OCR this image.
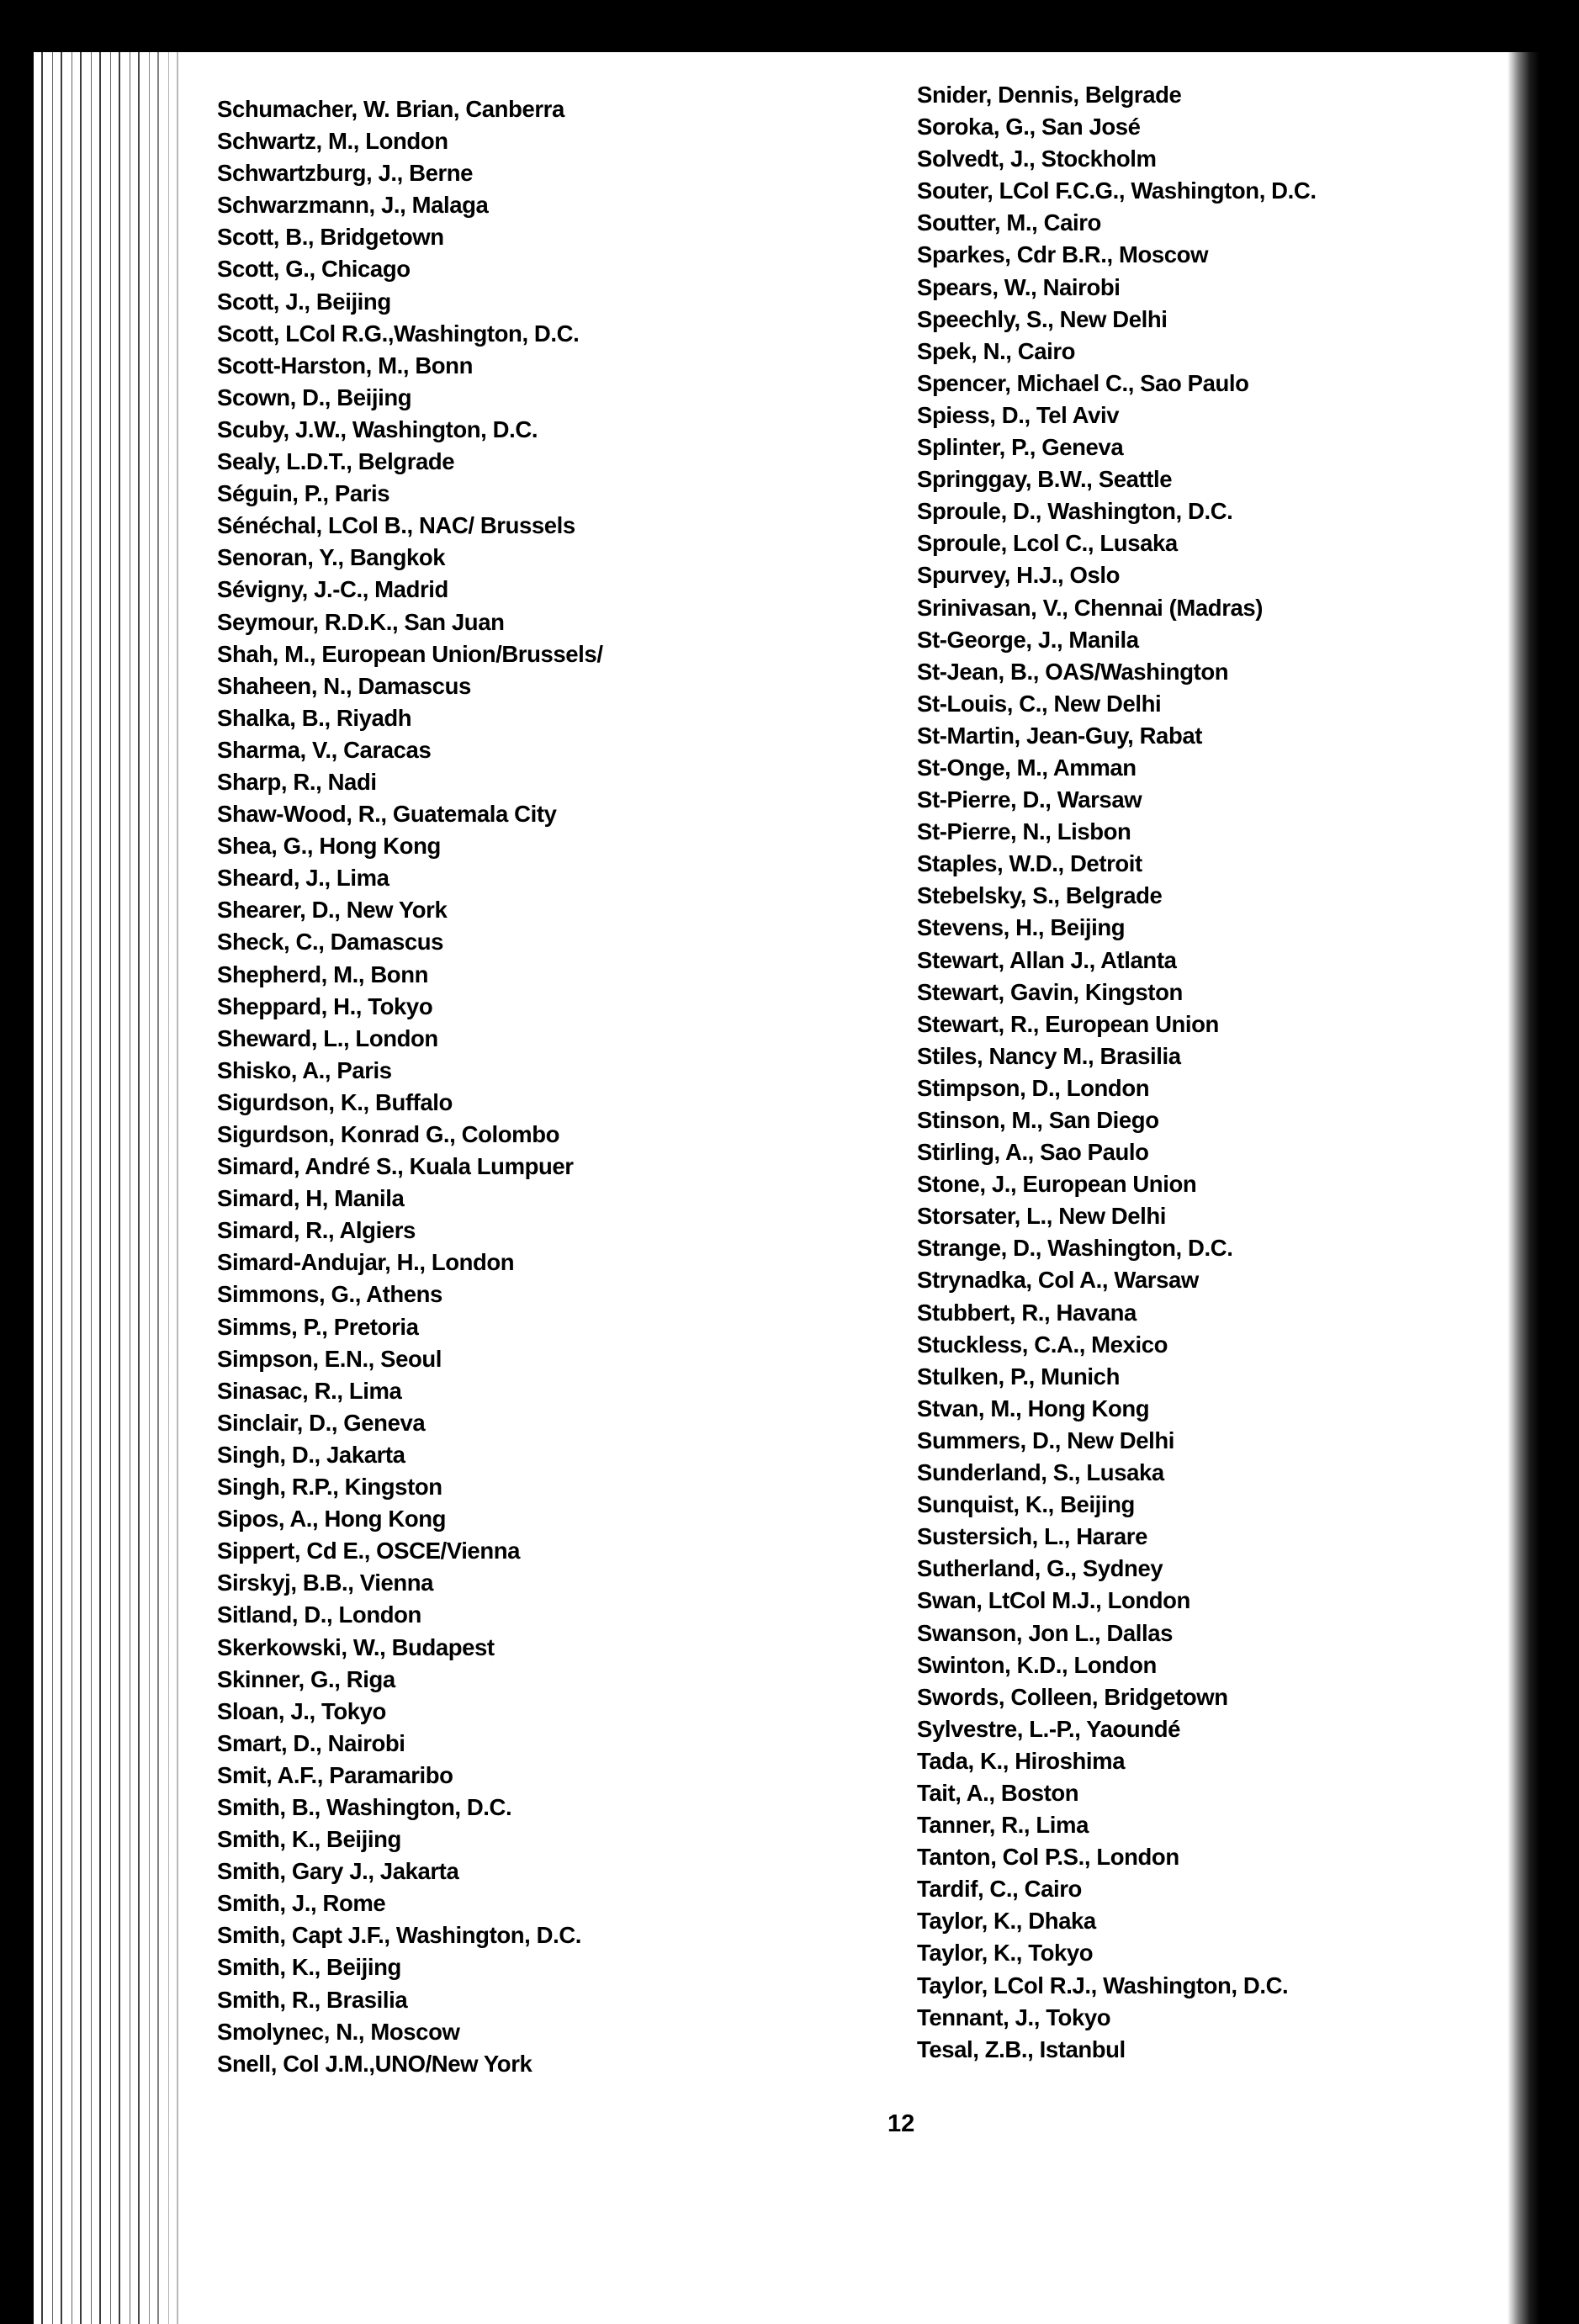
Schumacher, W. Brian, Canberra
Schwartz, M., London
Schwartzburg, J., Berne
Schwarzmann, J., Malaga
Scott, B., Bridgetown
Scott, G., Chicago
Scott, J., Beijing
Scott, LCol R.G.,Washington, D.C.
Scott-Harston, M., Bonn
Scown, D., Beijing
Scuby, J.W., Washington, D.C.
Sealy, L.D.T., Belgrade
Séguin, P., Paris
Sénéchal, LCol B., NAC/ Brussels
Senoran, Y., Bangkok
Sévigny, J.-C., Madrid
Seymour, R.D.K., San Juan
Shah, M., European Union/Brussels/
Shaheen, N., Damascus
Shalka, B., Riyadh
Sharma, V., Caracas
Sharp, R., Nadi
Shaw-Wood, R., Guatemala City
Shea, G., Hong Kong
Sheard, J., Lima
Shearer, D., New York
Sheck, C., Damascus
Shepherd, M., Bonn
Sheppard, H., Tokyo
Sheward, L., London
Shisko, A., Paris
Sigurdson, K., Buffalo
Sigurdson, Konrad G., Colombo
Simard, André S., Kuala Lumpuer
Simard, H, Manila
Simard, R., Algiers
Simard-Andujar, H., London
Simmons, G., Athens
Simms, P., Pretoria
Simpson, E.N., Seoul
Sinasac, R., Lima
Sinclair, D., Geneva
Singh, D., Jakarta
Singh, R.P., Kingston
Sipos, A., Hong Kong
Sippert, Cd E., OSCE/Vienna
Sirskyj, B.B., Vienna
Sitland, D., London
Skerkowski, W., Budapest
Skinner, G., Riga
Sloan, J., Tokyo
Smart, D., Nairobi
Smit, A.F., Paramaribo
Smith, B., Washington, D.C.
Smith, K., Beijing
Smith, Gary J., Jakarta
Smith, J., Rome
Smith, Capt J.F., Washington, D.C.
Smith, K., Beijing
Smith, R., Brasilia
Smolynec, N., Moscow
Snell, Col J.M.,UNO/New York
Snider, Dennis, Belgrade
Soroka, G., San José
Solvedt, J., Stockholm
Souter, LCol F.C.G., Washington, D.C.
Soutter, M., Cairo
Sparkes, Cdr B.R., Moscow
Spears, W., Nairobi
Speechly, S., New Delhi
Spek, N., Cairo
Spencer, Michael C., Sao Paulo
Spiess, D., Tel Aviv
Splinter, P., Geneva
Springgay, B.W., Seattle
Sproule, D., Washington, D.C.
Sproule, Lcol C., Lusaka
Spurvey, H.J., Oslo
Srinivasan, V., Chennai (Madras)
St-George, J., Manila
St-Jean, B., OAS/Washington
St-Louis, C., New Delhi
St-Martin, Jean-Guy, Rabat
St-Onge, M., Amman
St-Pierre, D., Warsaw
St-Pierre, N., Lisbon
Staples, W.D., Detroit
Stebelsky, S., Belgrade
Stevens, H., Beijing
Stewart, Allan J., Atlanta
Stewart, Gavin, Kingston
Stewart, R., European Union
Stiles, Nancy M., Brasilia
Stimpson, D., London
Stinson, M., San Diego
Stirling, A., Sao Paulo
Stone, J., European Union
Storsater, L., New Delhi
Strange, D., Washington, D.C.
Strynadka, Col A., Warsaw
Stubbert, R., Havana
Stuckless, C.A., Mexico
Stulken, P., Munich
Stvan, M., Hong Kong
Summers, D., New Delhi
Sunderland, S., Lusaka
Sunquist, K., Beijing
Sustersich, L., Harare
Sutherland, G., Sydney
Swan, LtCol M.J., London
Swanson, Jon L., Dallas
Swinton, K.D., London
Swords, Colleen, Bridgetown
Sylvestre, L.-P., Yaoundé
Tada, K., Hiroshima
Tait, A., Boston
Tanner, R., Lima
Tanton, Col P.S., London
Tardif, C., Cairo
Taylor, K., Dhaka
Taylor, K., Tokyo
Taylor, LCol R.J., Washington, D.C.
Tennant, J., Tokyo
Tesal, Z.B., Istanbul
12
